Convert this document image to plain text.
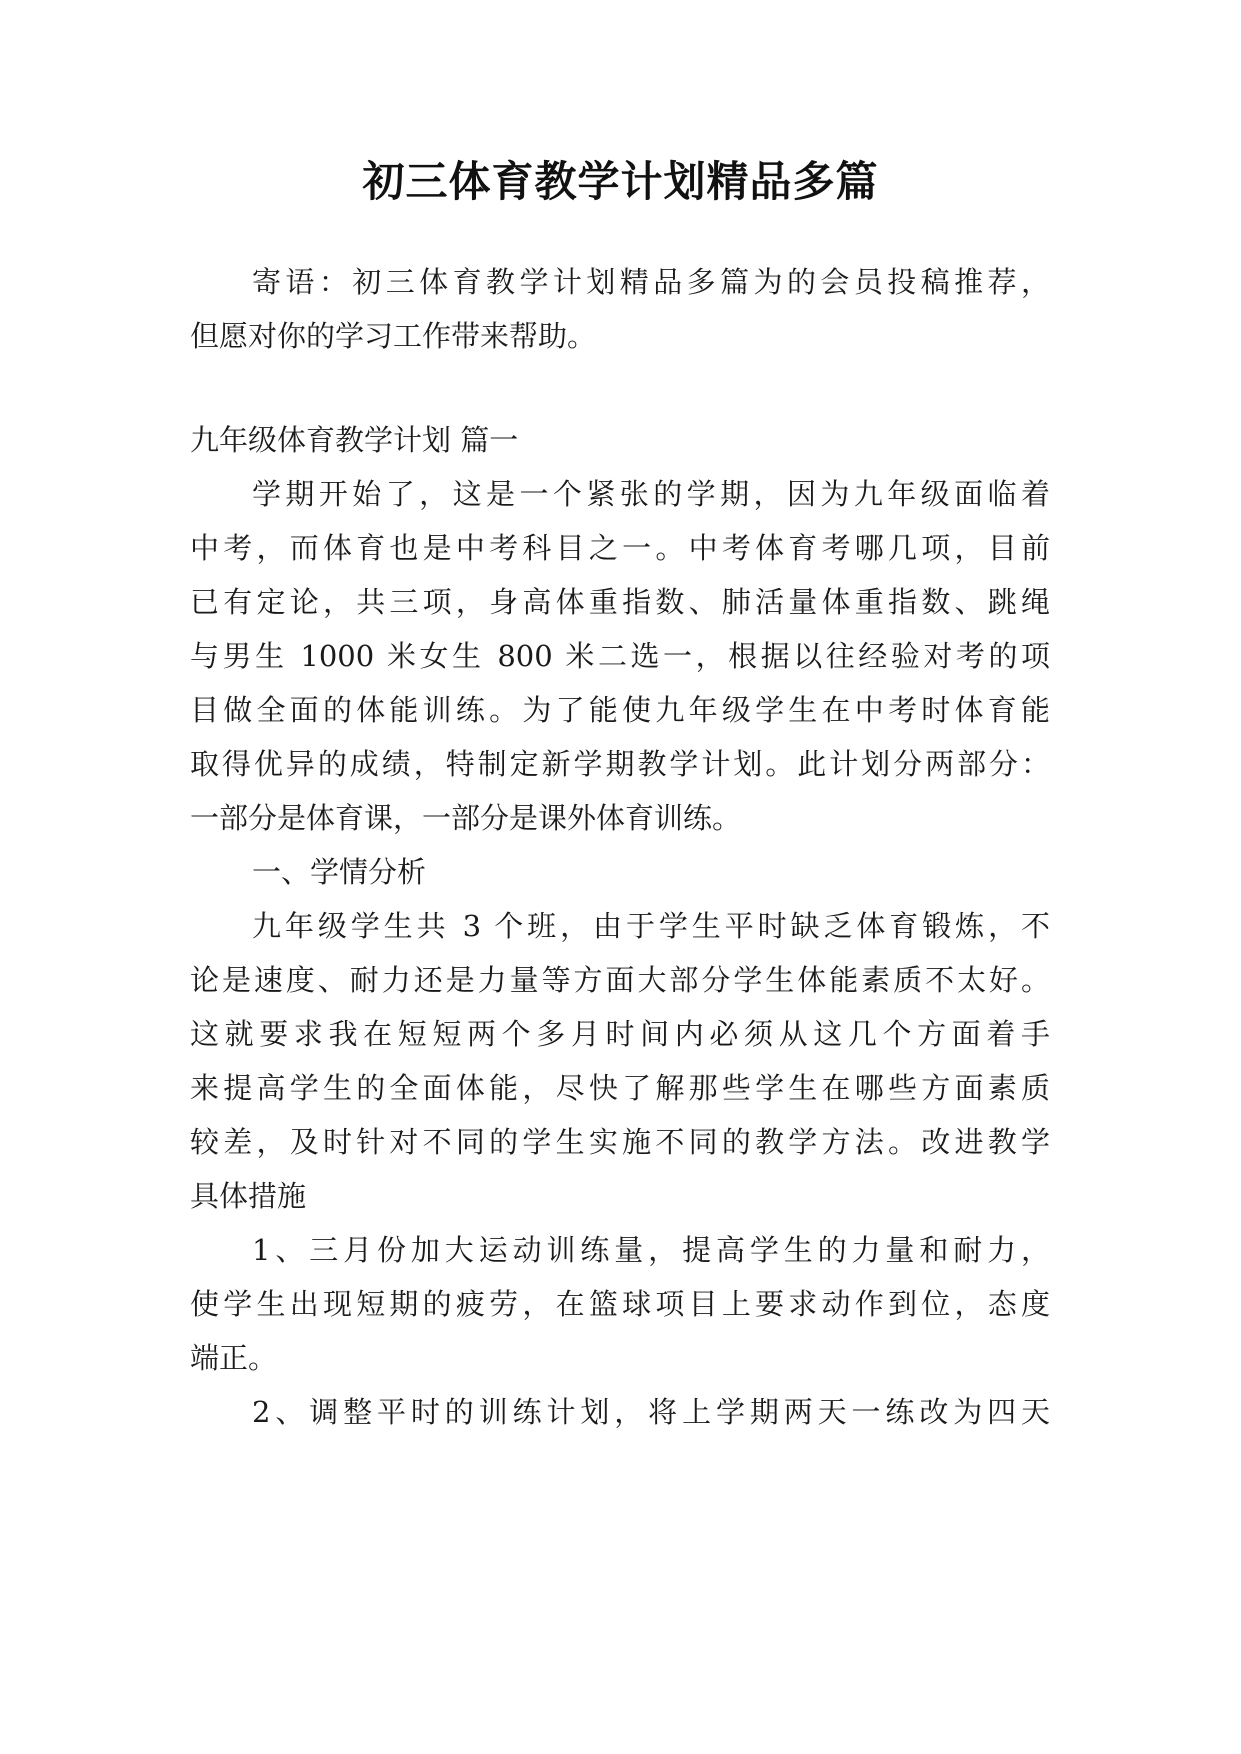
初三体育教学计划精品多篇

寄语：初三体育教学计划精品多篇为的会员投稿推荐，

但愿对你的学习工作带来帮助。

九年级体育教学计划 篇一

学期开始了，这是一个紧张的学期，因为九年级面临着

中考，而体育也是中考科目之一。中考体育考哪几项，目前

已有定论，共三项，身高体重指数、肺活量体重指数、跳绳

与男生 1000 米女生 800 米二选一，根据以往经验对考的项

目做全面的体能训练。为了能使九年级学生在中考时体育能

取得优异的成绩，特制定新学期教学计划。此计划分两部分：

一部分是体育课，一部分是课外体育训练。

一、学情分析

九年级学生共 3 个班，由于学生平时缺乏体育锻炼，不

论是速度、耐力还是力量等方面大部分学生体能素质不太好。

这就要求我在短短两个多月时间内必须从这几个方面着手

来提高学生的全面体能，尽快了解那些学生在哪些方面素质

较差，及时针对不同的学生实施不同的教学方法。改进教学

具体措施

1、三月份加大运动训练量，提高学生的力量和耐力，

使学生出现短期的疲劳，在篮球项目上要求动作到位，态度

端正。

2、调整平时的训练计划，将上学期两天一练改为四天
